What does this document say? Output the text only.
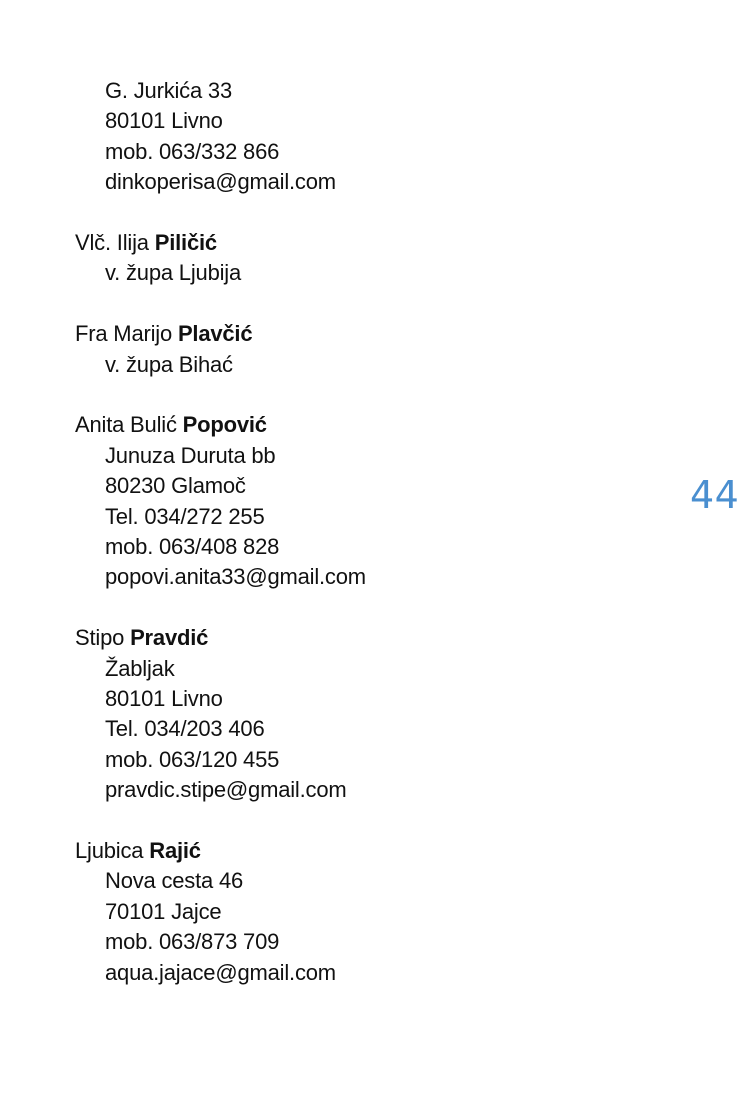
G. Jurkića 33
80101 Livno
mob. 063/332 866
dinkoperisa@gmail.com
Vlč. Ilija Piličić
v. župa Ljubija
Fra Marijo Plavčić
v. župa Bihać
Anita Bulić Popović
Junuza Duruta bb
80230 Glamoč
Tel. 034/272 255
mob. 063/408 828
popovi.anita33@gmail.com
Stipo Pravdić
Žabljak
80101 Livno
Tel. 034/203 406
mob. 063/120 455
pravdic.stipe@gmail.com
Ljubica Rajić
Nova cesta 46
70101 Jajce
mob. 063/873 709
aqua.jajace@gmail.com
44
